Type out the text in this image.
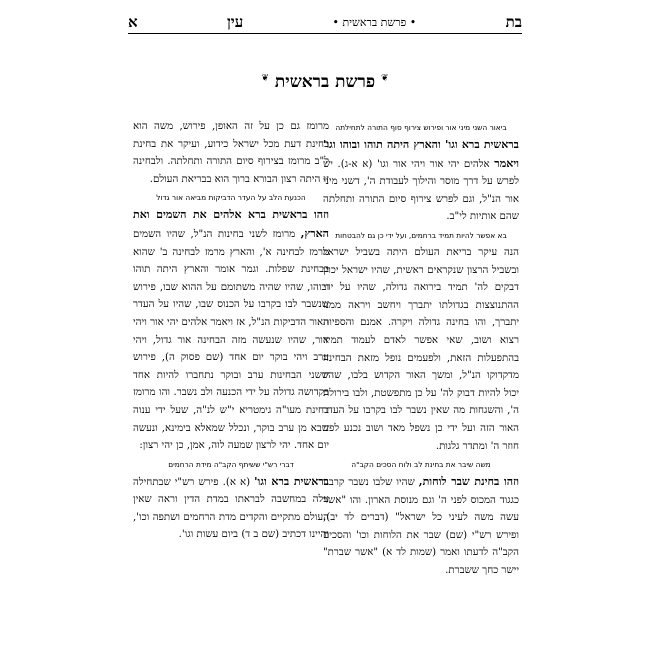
בת
• פרשת בראשית •
עין
א
❦ פרשת בראשית ❦
ביאור השני מיני אור ופירוש צירוף סוף התורה לתחילתה

בראשית ברא וגו' והארץ היתה תוהו ובוהו וגו' ויאמר אלהים יהי אור ויהי אור וגו' (א א-ג). יש לפרש על דרך מוסר והילוך לעבודת ה', דשני מיני אור הנ"ל, וגם לפרש צירוף סיום התורה ותחלתה שהם אותיות לי"ב.

בא אפשר להיות תמיד ברחמים, ועל ידי כן גם להבטחות

הנה עיקר בריאת העולם היתה בשביל ישראל ובשביל הרצון שנקראים ראשית, שהיו ישראל יכוין דבקים לה' תמיד בירואה גדולה, שהיו על ידי ההתנוצצות בגדולתו יתברך ויחשב ויראה ממנו יתברך, והו בחינה גדולה ויקרה. אמנם והספיות רצוא ושוב, שאי אפשר לאדם לעמוד תמיד בהתפעלות הזאת, ולפעמים נופל מזאת הבחינה מדקדוקו הנ"ל, ומשך האור הקדוש בלבו, שהיו יכול להיות דבוק לה' על כן מתפשטת, ולבו בירולת ה', והשגחות מה שאין נשבר לבו בקרבו על העדר האור הזה ועל ידי כן נשפל מאד ושוב נכנע לפני חוזר ה' ומתדר גלגות.

משה שיבר את בחינת לב ולוח הסכים הקב"ה

וזהו בחינת שבר לוחות, שהיו שלבו נשבר קרבנו כגגוד המכוס לפני ה' וגם מנוסת הארון. והו "אשר עשה משה לעיני כל ישראל" (דברים לד יב), ופירש רש"י (שם) שבר את הלוחות וכו' והסכים הקב"ה לדעתו ואמר (שמות לד א) "אשר שברת" יישר כחך ששברת.

מרומז גם כן על זה האופן, פירוש, משה הוא בחינת דעת מכל ישראל כידוע, ועיקר את בחינת ל"ב מרומז בצירוף סיום התורה ותחלתה. ולבחינה זו היתה רצון הבורא ברוך הוא בבריאת העולם.

הכנעת הלב על העדר הדביקות מביאה אור גדול

וזהו בראשית ברא אלהים את השמים ואת הארץ, מרומז לשני בחינות הנ"ל, שהיו השמים מרמז לבחינה א', והארץ מרמז לבחינה ב' שהוא בבחינת שפלות. וגמר אומר והארץ היתה תוהו ובוהו, שהיו שהיה משתומם על ההוא שבו, פירוש שנשבר לבו בקרבו על הכנוס שבו, שהיו על העדר האור הדביקות הנ"ל, אז ויאמר אלהים יהי אור ויהי אור, שהיו שנעשה מזה הבחינה אור גדול, ויהי ערב ויהי בוקר יום אחד (שם פסוק ה), פירוש ששני הבחינות ערב ובוקר נתחברו להיות אחד בקדושה גדולה על ידי הכנעה ולב נשבר. והו מרומז בחינת מעו"ה גימטריא י"ש לנ"ה, שעל ידי ענוה שבא מן ערב בוקר, ונכלל שמאלא בימינא, ונעשה יום אחד. יהי לרצון שמעה לוה, אמן, כן יהי רצון:

דברי רש"י ששיתף הקב"ה מידת הרחמים

בראשית ברא וגו' (א א). פירש רש"י שבתחילה עלה במחשבה לבראתו במדת הדין וראה שאין העולם מתקיים והקדים מדת הרחמים ושתפה וכו', והיינו דכתיב (שם ב ד) ביום עשות וגו'.
